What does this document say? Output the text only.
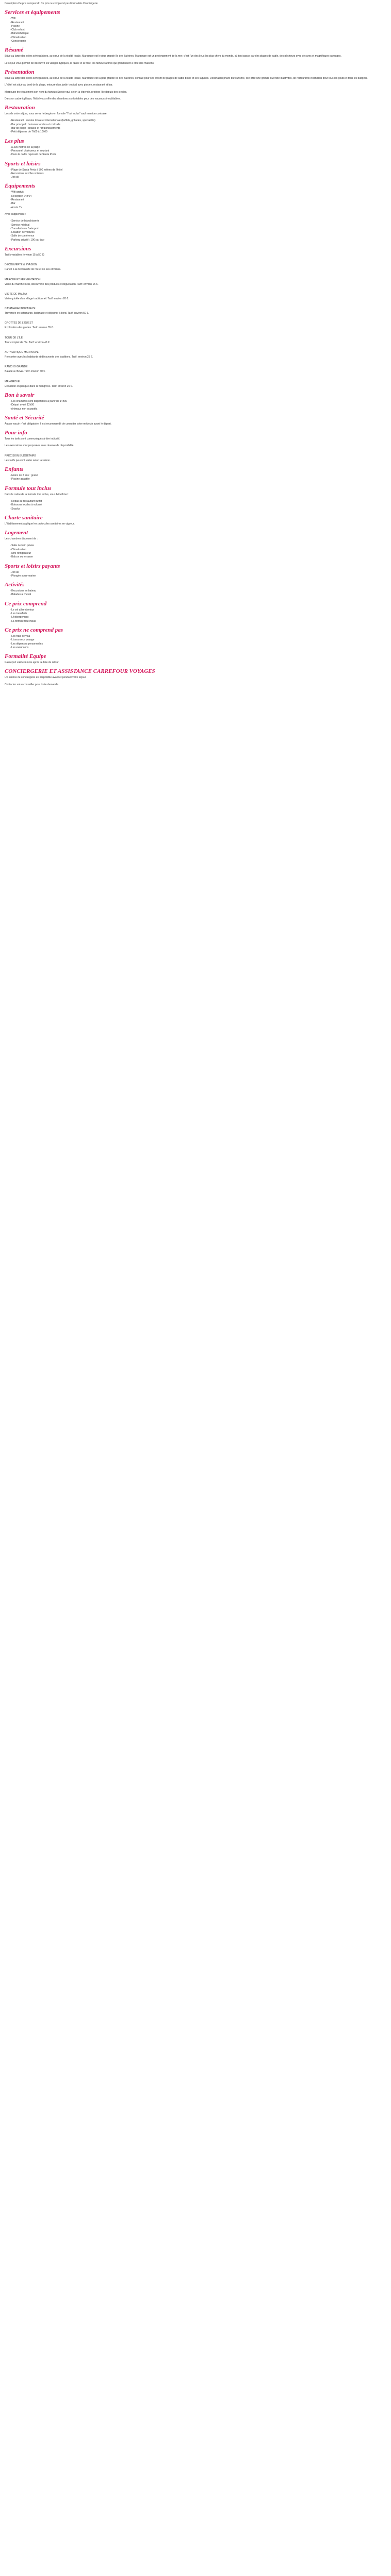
Description Ce prix comprend : Ce prix ne comprend pas Formalités Conciergerie

Services et équipements
- Wifi
- Restaurant
- Piscine
- Club enfant
- Balnéothérapie
- Climatisation
- Conciergerie
Résumé

Situé au large des côtes sénégalaises, au cœur de la réalité locale, Marpoupe est le plus grande île des Baleines, Marpoupe est un prolongement de la mer, c'est l'un des lieux les plus chers du monde, où tout passe par des plages de sable, des pêcheurs avec de rares et magnifiques paysages.

Le séjour vous permet de découvrir les villages typiques, la faune et la flore, les fameux arbres qui grandissent à côté des maisons.

Présentation

Situé au large des côtes sénégalaises, au cœur de la réalité locale, Marpoupe est la plus grande île des Baleines, connue pour ses 50 km de plages de sable blanc et ses lagunes. Destination phare du tourisme, elle offre une grande diversité d'activités, de restaurants et d'hôtels pour tous les goûts et tous les budgets.

L'hôtel est situé au bord de la plage, entouré d'un jardin tropical avec piscine, restaurant et bar.

Marpoupe tire également son nom du fameux Sorcier qui, selon la légende, protège l'île depuis des siècles.

Dans un cadre idyllique, l'hôtel vous offre des chambres confortables pour des vacances inoubliables.

Restauration

Lors de votre séjour, vous serez hébergés en formule "Tout inclus" sauf mention contraire.

- Restaurant : cuisine locale et internationale (buffets, grillades, spécialités)
- Bar principal : boissons locales et cocktails
- Bar de plage : snacks et rafraîchissements
- Petit déjeuner de 7h00 à 10h00
Les plus
- A 300 mètres de la plage
- Personnel chaleureux et souriant
- Dans le cadre reposant de Santa Preta
Sports et loisirs
- Plage de Santa Preta à 300 mètres de l'hôtel
- Excursions aux îles voisines
- Jet ski
Équipements
- Wifi gratuit
- Réception 24h/24
- Restaurant
- Bar
- Accès TV

Avec supplément :

- Service de blanchisserie
- Service médical
- Transfert vers l'aéroport
- Location de voitures
- Salle de conférence
- Parking privatif : 10€ par jour
Excursions

Tarifs variables (environ 15 à 50 €)

DÉCOUVERTE & ÉVASION

Partez à la découverte de l'île et de ses environs.

MARCHÉ ET FERMENTATION

Visite du marché local, découverte des produits et dégustation. Tarif: environ 15 €.

VISITE DE MALMA

Visite guidée d'un village traditionnel. Tarif: environ 20 €.

CATAMARAN BORASEYE

Traversée en catamaran, baignade et déjeuner à bord. Tarif: environ 50 €.

GROTTES DE L'OUEST

Exploration des grottes. Tarif: environ 35 €.

TOUR DE L'ÎLE

Tour complet de l'île. Tarif: environ 40 €.

AUTHENTIQUE MARPOUPE

Rencontre avec les habitants et découverte des traditions. Tarif: environ 25 €.

RANCHO GRANDE

Balade à cheval. Tarif: environ 30 €.

MANGROVE

Excursion en pirogue dans la mangrove. Tarif: environ 25 €.

Bon à savoir
- Les chambres sont disponibles à partir de 14h00
- Départ avant 12h00
- Animaux non acceptés
Santé et Sécurité

Aucun vaccin n'est obligatoire. Il est recommandé de consulter votre médecin avant le départ.

Pour info

Tous les tarifs sont communiqués à titre indicatif.

Les excursions sont proposées sous réserve de disponibilité.

PRÉCISION BUDGÉTAIRE

Les tarifs peuvent varier selon la saison.

Enfants
- Moins de 2 ans : gratuit
- Piscine adaptée
Formule tout inclus

Dans le cadre de la formule tout inclus, vous bénéficiez :

- Repas au restaurant buffet
- Boissons locales à volonté
- Snacks
Charte sanitaire

L'établissement applique les protocoles sanitaires en vigueur.

Logement

Les chambres disposent de :

- Salle de bain privée
- Climatisation
- Mini-réfrigérateur
- Balcon ou terrasse
Sports et loisirs payants
- Jet ski
- Plongée sous-marine
Activités
- Excursions en bateau
- Balades à cheval
Ce prix comprend
- Le vol aller et retour
- Les transferts
- L'hébergement
- La formule tout inclus
Ce prix ne comprend pas
- Les frais de visa
- L'assurance voyage
- Les dépenses personnelles
- Les excursions
Formalité Equipe

Passeport valide 6 mois après la date de retour.

CONCIERGERIE ET ASSISTANCE CARREFOUR VOYAGES

Un service de conciergerie est disponible avant et pendant votre séjour.

Contactez votre conseiller pour toute demande.
